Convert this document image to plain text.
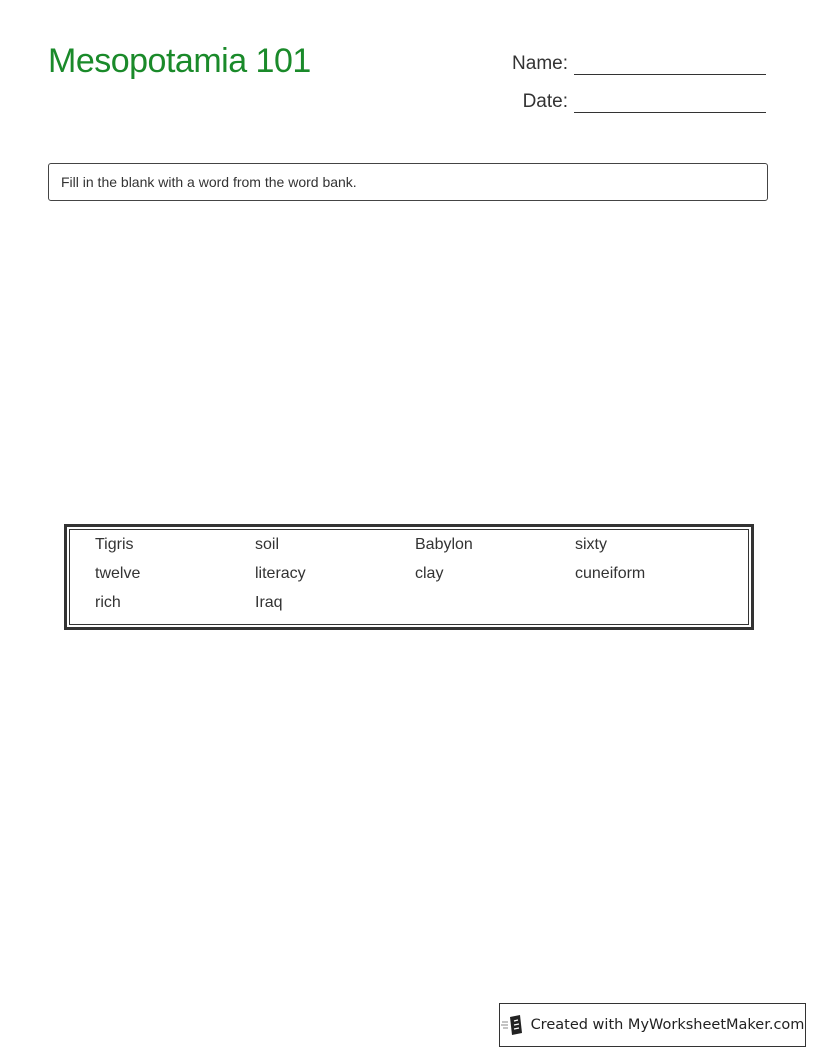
Mesopotamia 101	Name:
Date:
Fill in the blank with a word from the word bank.
Tigris	soil	Babylon	sixty
twelve	literacy	clay	cuneiform
rich	Iraq
Created with MyWorksheetMaker.com
